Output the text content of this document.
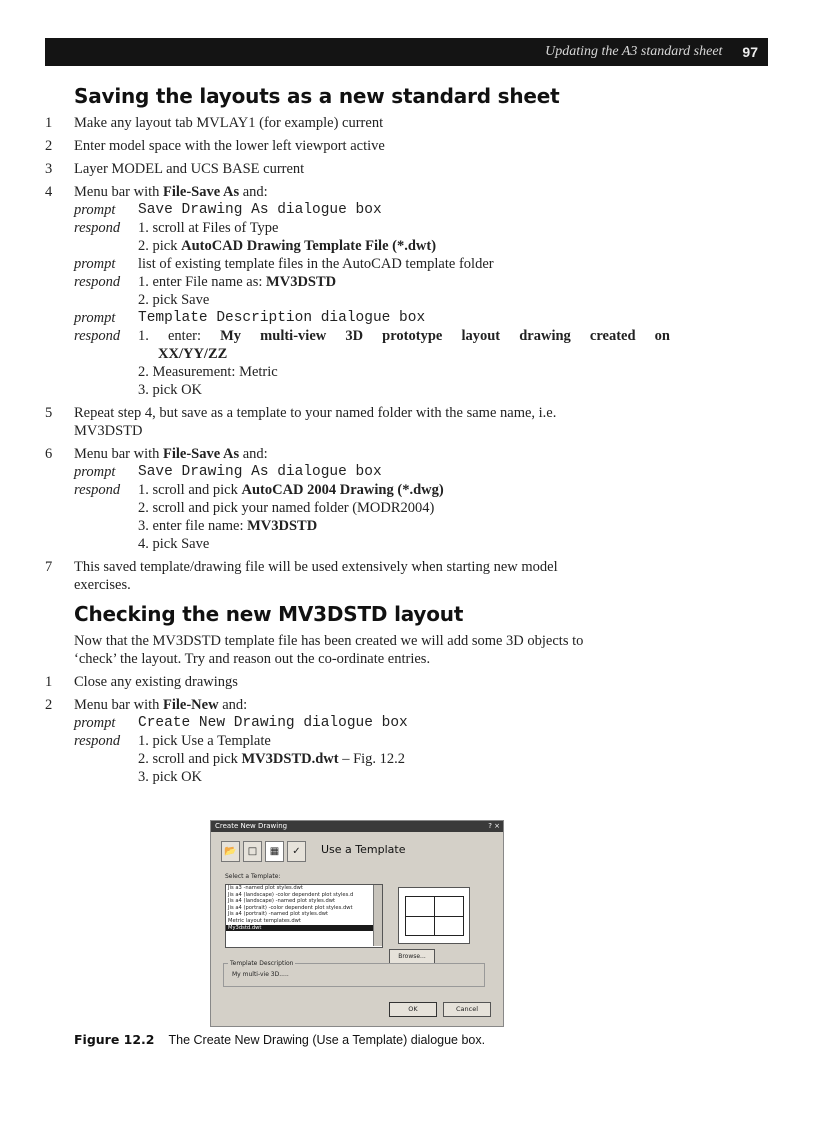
Updating the A3 standard sheet 97
Saving the layouts as a new standard sheet
1 Make any layout tab MVLAY1 (for example) current
2 Enter model space with the lower left viewport active
3 Layer MODEL and UCS BASE current
4 Menu bar with File-Save As and:
prompt	Save Drawing As dialogue box
respond	1. scroll at Files of Type
2. pick AutoCAD Drawing Template File (*.dwt)
prompt	list of existing template files in the AutoCAD template folder
respond	1. enter File name as: MV3DSTD
2. pick Save
prompt	Template Description dialogue box
respond	1. enter: My multi-view 3D prototype layout drawing created on
XX/YY/ZZ
2. Measurement: Metric
3. pick OK
5 Repeat step 4, but save as a template to your named folder with the same name, i.e.
MV3DSTD
6 Menu bar with File-Save As and:
prompt	Save Drawing As dialogue box
respond	1. scroll and pick AutoCAD 2004 Drawing (*.dwg)
2. scroll and pick your named folder (MODR2004)
3. enter file name: MV3DSTD
4. pick Save
7 This saved template/drawing file will be used extensively when starting new model
exercises.
Checking the new MV3DSTD layout
Now that the MV3DSTD template file has been created we will add some 3D objects to
‘check’ the layout. Try and reason out the co-ordinate entries.
1 Close any existing drawings
2 Menu bar with File-New and:
prompt	Create New Drawing dialogue box
respond	1. pick Use a Template
2. scroll and pick MV3DSTD.dwt – Fig. 12.2
3. pick OK
Create New Drawing	? ×
📂	□	▦	✓	Use a Template
Select a Template:
Jis a3 -named plot styles.dwt
Jis a4 (landscape) -color dependent plot styles.d
Jis a4 (landscape) -named plot styles.dwt
Jis a4 (portrait) -color dependent plot styles.dwt
Jis a4 (portrait) -named plot styles.dwt
Metric layout templates.dwt
My3dstd.dwt
Browse...
Template Description
My multi-vie 3D.....
OK	Cancel
Figure 12.2 The Create New Drawing (Use a Template) dialogue box.
